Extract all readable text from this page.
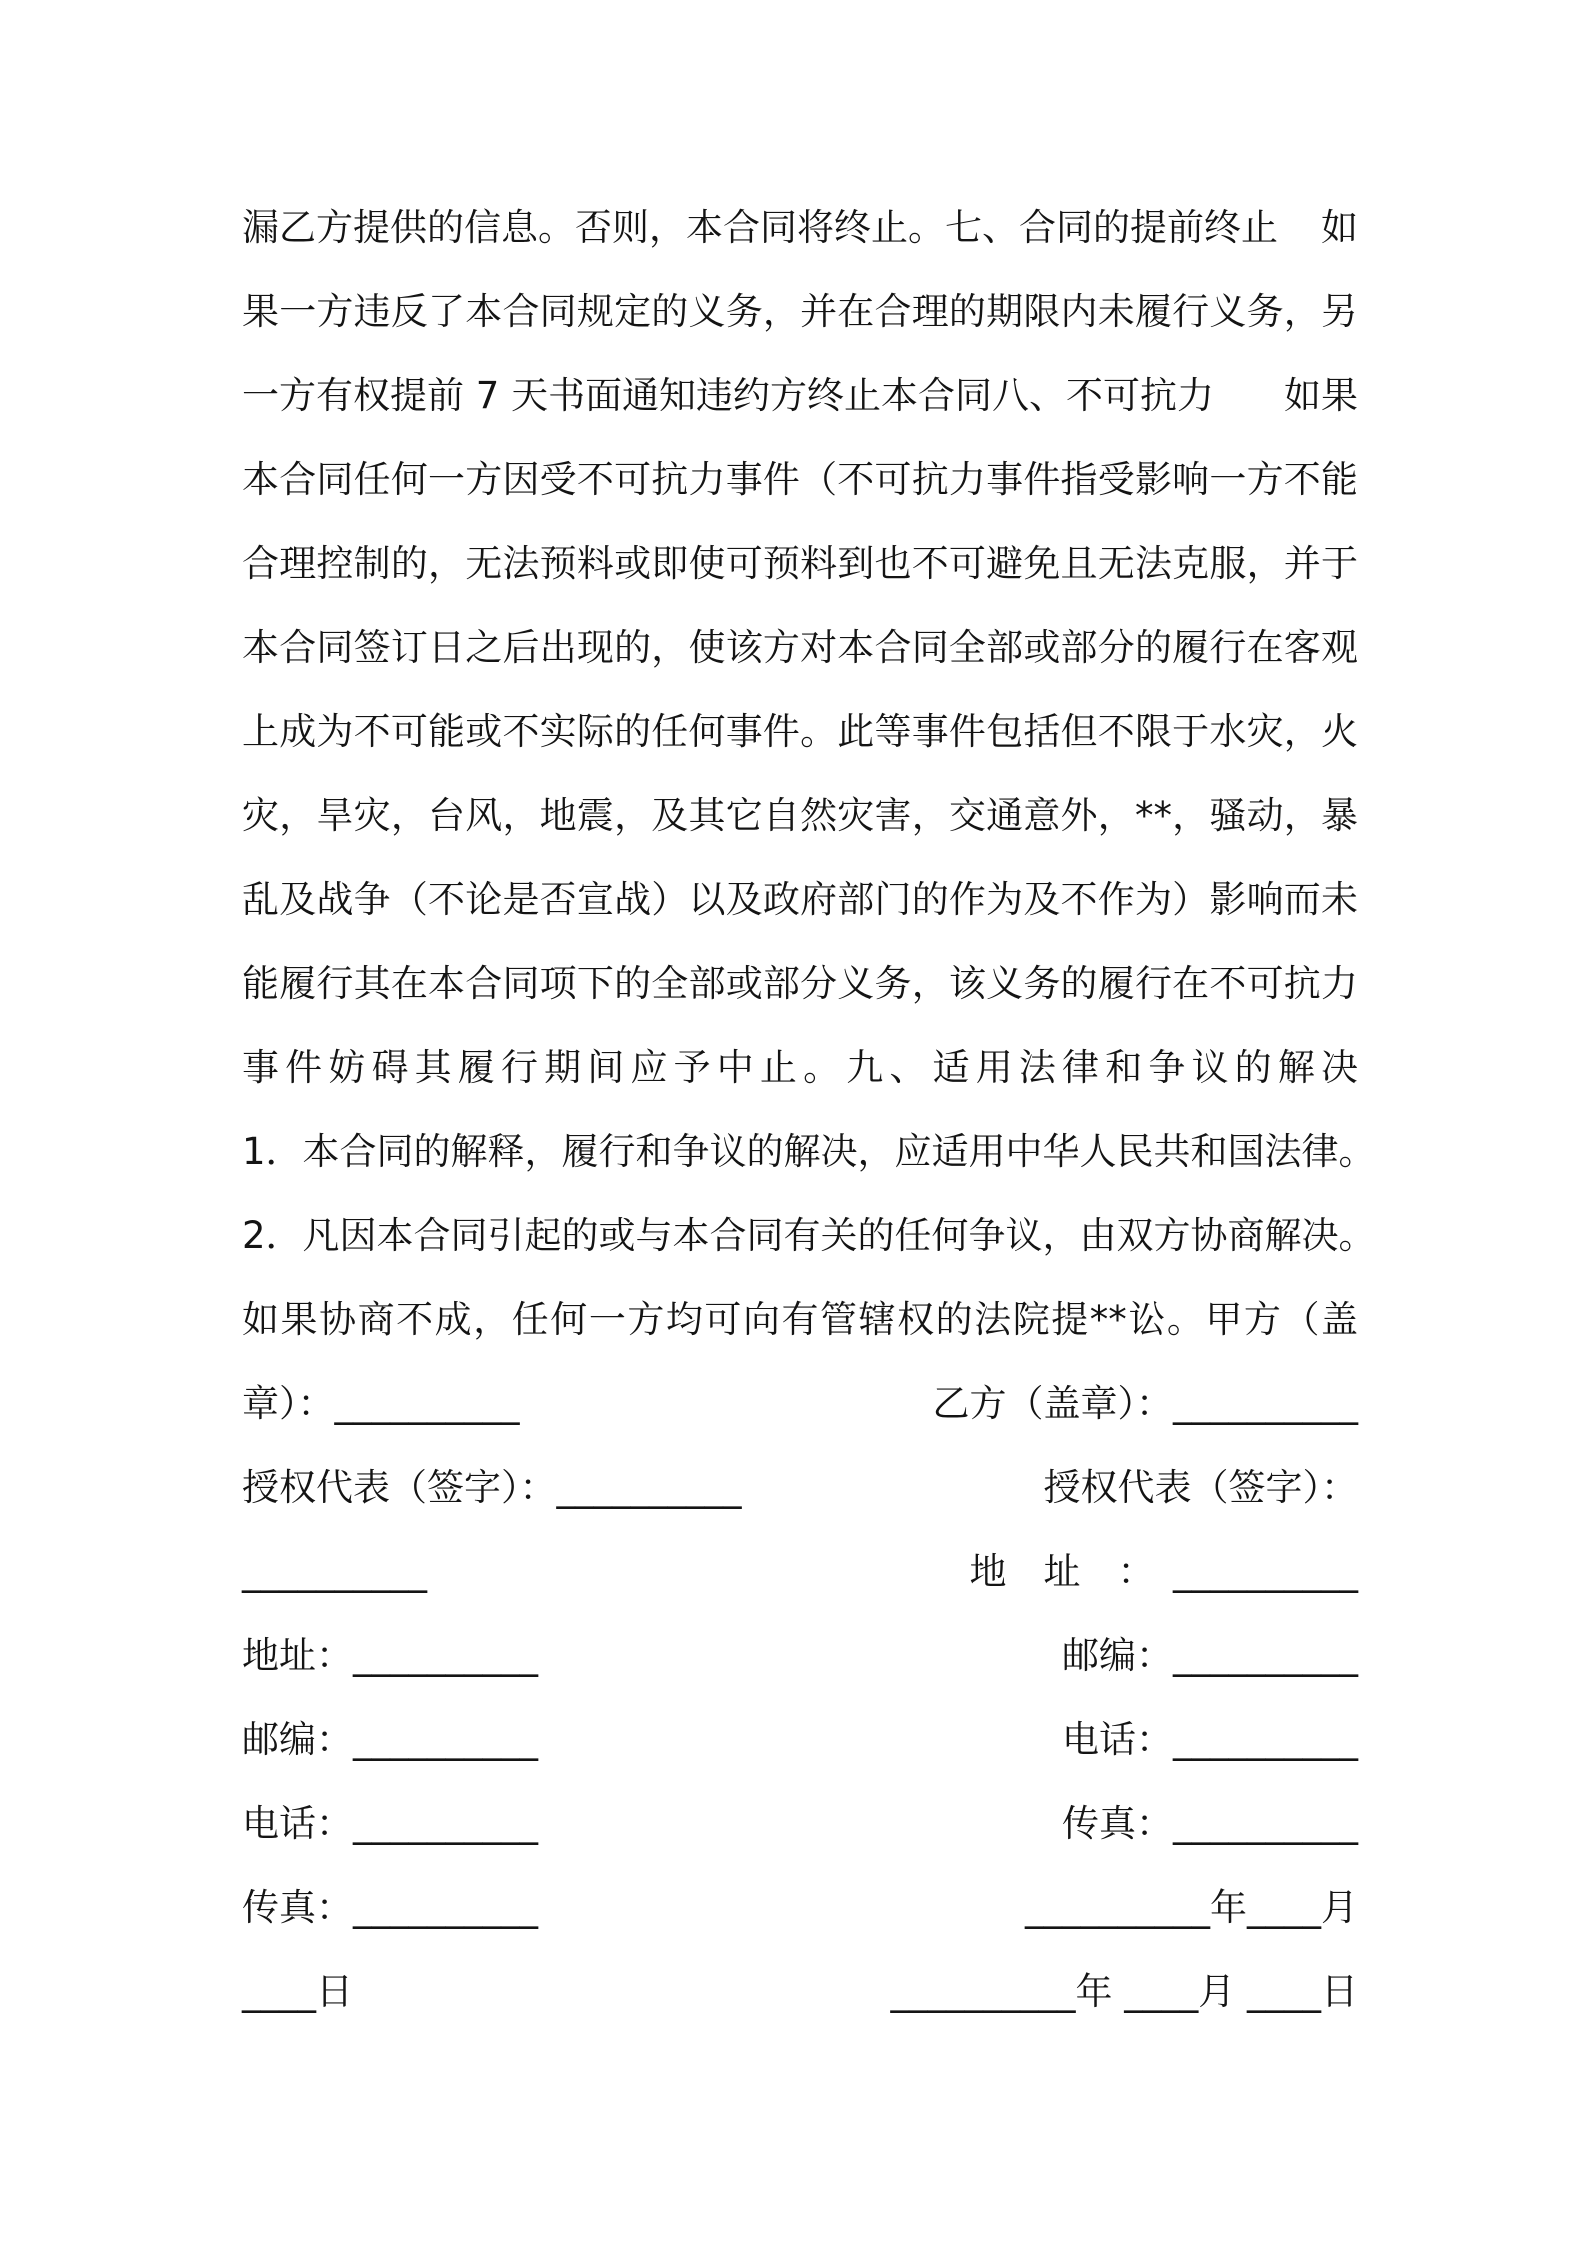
漏乙方提供的信息。否则，本合同将终止。七、合同的提前终止 如
果一方违反了本合同规定的义务，并在合理的期限内未履行义务，另
一方有权提前 7 天书面通知违约方终止本合同八、不可抗力 如果
本合同任何一方因受不可抗力事件（不可抗力事件指受影响一方不能
合理控制的，无法预料或即使可预料到也不可避免且无法克服，并于
本合同签订日之后出现的，使该方对本合同全部或部分的履行在客观
上成为不可能或不实际的任何事件。此等事件包括但不限于水灾，火
灾，旱灾，台风，地震，及其它自然灾害，交通意外，**，骚动，暴
乱及战争（不论是否宣战）以及政府部门的作为及不作为）影响而未
能履行其在本合同项下的全部或部分义务，该义务的履行在不可抗力
事件妨碍其履行期间应予中止。九、适用法律和争议的解决
1．本合同的解释，履行和争议的解决，应适用中华人民共和国法律。
2．凡因本合同引起的或与本合同有关的任何争议，由双方协商解决。
如果协商不成，任何一方均可向有管辖权的法院提**讼。甲方（盖
章）：__________	乙方（盖章）：__________
授权代表（签字）：__________	授权代表（签字）：
__________	地　址　：　__________
地址：__________	邮编：__________
邮编：__________	电话：__________
电话：__________	传真：__________
传真：__________	__________年____月
____日	__________年 ____月 ____日
